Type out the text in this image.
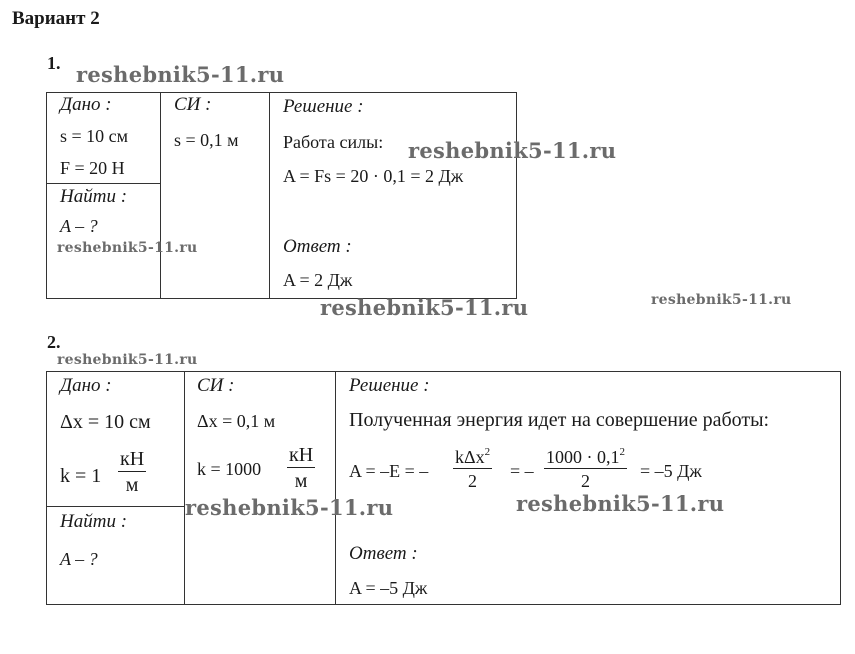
Вариант 2
1.
Дано :
s = 10 см
F = 20 Н
Найти :
A – ?
СИ :
s = 0,1 м
Решение :
Работа силы:
A = Fs = 20 · 0,1 = 2 Дж
Ответ :
A = 2 Дж
2.
Дано :
Δx = 10 см
k = 1
кН
м
Найти :
A – ?
СИ :
Δx = 0,1 м
k = 1000
кН
м
Решение :
Полученная энергия идет на совершение работы:
A = –E = –
kΔx$^2$
2	= –
$1000 \cdot 0,1^2$
2	= –5 Дж
Ответ :
A = –5 Дж
reshebnik5-11.ru
reshebnik5-11.ru
reshebnik5-11.ru
reshebnik5-11.ru	reshebnik5-11.ru
reshebnik5-11.ru
reshebnik5-11.ru	reshebnik5-11.ru
